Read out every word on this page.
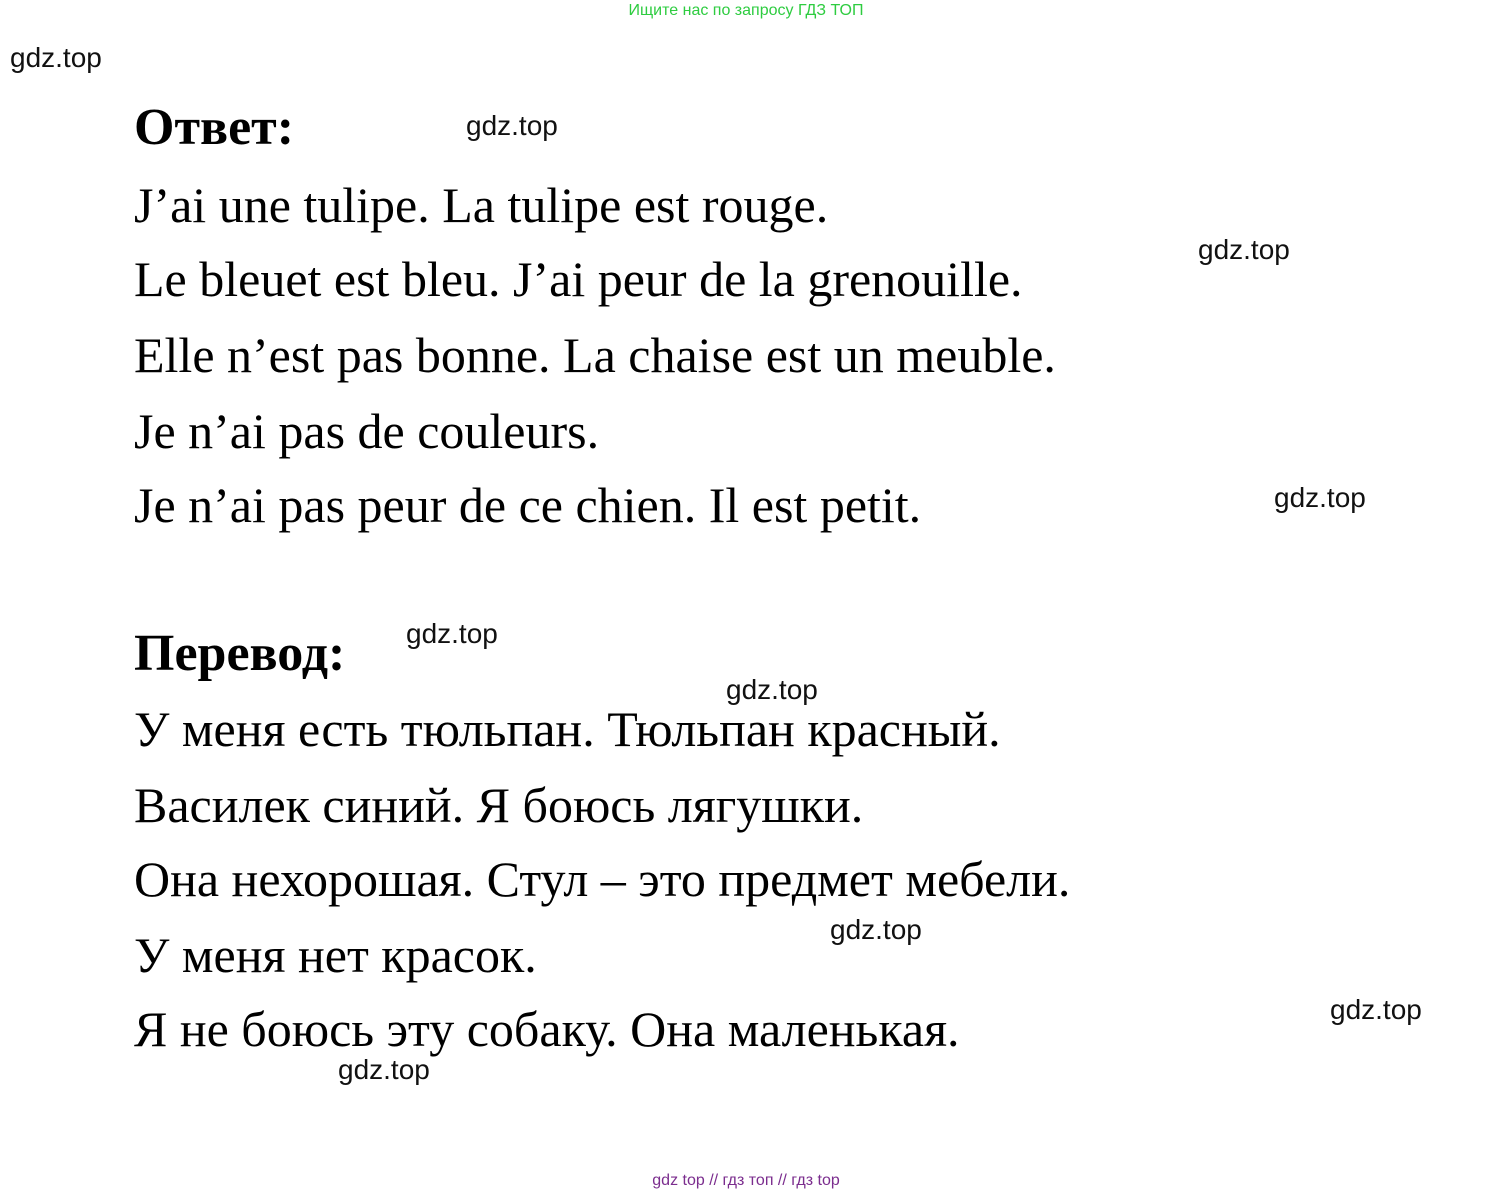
Ищите нас по запросу ГДЗ ТОП
gdz.top
gdz.top
gdz.top
gdz.top
gdz.top
gdz.top
gdz.top
gdz.top
gdz.top
Ответ:
J’ai une tulipe. La tulipe est rouge.
Le bleuet est bleu. J’ai peur de la grenouille.
Elle n’est pas bonne. La chaise est un meuble.
Je n’ai pas de couleurs.
Je n’ai pas peur de ce chien. Il est petit.
Перевод:
У меня есть тюльпан. Тюльпан красный.
Василек синий. Я боюсь лягушки.
Она нехорошая. Стул – это предмет мебели.
У меня нет красок.
Я не боюсь эту собаку. Она маленькая.
gdz top // гдз топ // гдз top
